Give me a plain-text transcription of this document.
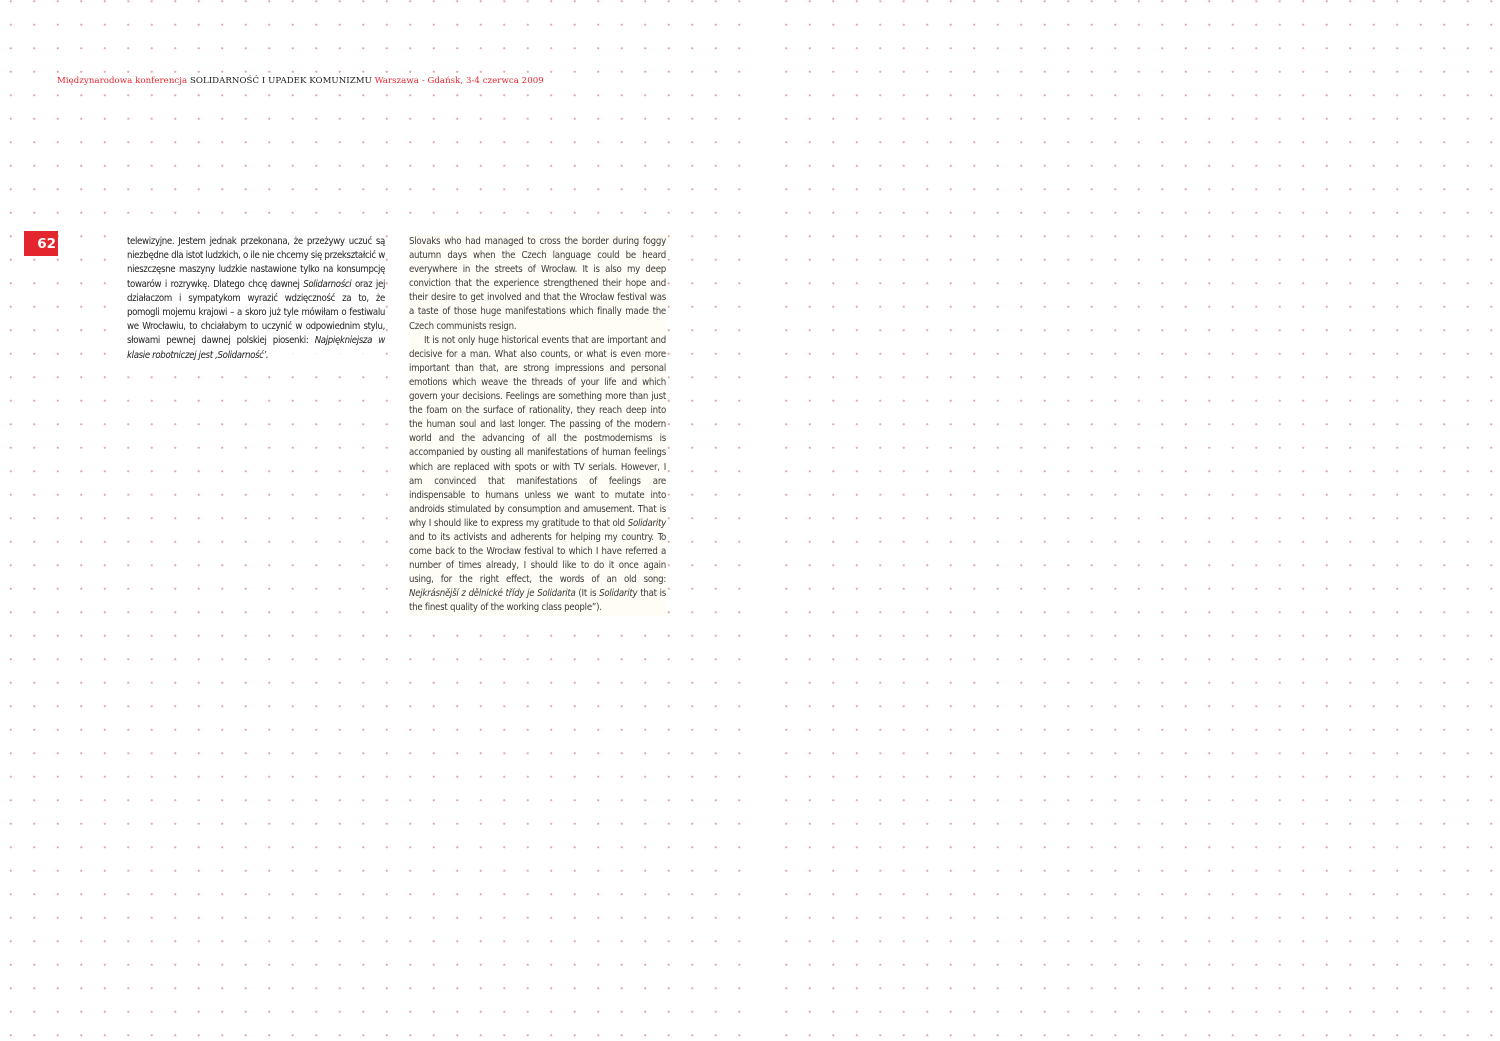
Międzynarodowa konferencja SOLIDARNOŚĆ I UPADEK KOMUNIZMU Warszawa - Gdańsk, 3-4 czerwca 2009
62	telewizyjne. Jestem jednak przekonana, że przeżywy uczuć są niezbędne dla istot ludzkich, o ile nie chcemy się przekształcić w nieszczęsne maszyny ludzkie nastawione tylko na konsumpcję towarów i rozrywkę. Dlatego chcę dawnej Solidarności oraz jej działaczom i sympatykom wyrazić wdzięczność za to, że pomogli mojemu krajowi – a skoro już tyle mówiłam o festiwalu we Wrocławiu, to chciałabym to uczynić w odpowiednim stylu, słowami pewnej dawnej polskiej piosenki: Najpiękniejsza w klasie robotniczej jest ‚Solidarność’.

Slovaks who had managed to cross the border during foggy autumn days when the Czech language could be heard everywhere in the streets of Wrocław. It is also my deep conviction that the experience strengthened their hope and their desire to get involved and that the Wrocław festival was a taste of those huge manifestations which finally made the Czech communists resign.

It is not only huge historical events that are important and decisive for a man. What also counts, or what is even more important than that, are strong impressions and personal emotions which weave the threads of your life and which govern your decisions. Feelings are something more than just the foam on the surface of rationality, they reach deep into the human soul and last longer. The passing of the modern world and the advancing of all the postmodernisms is accompanied by ousting all manifestations of human feelings which are replaced with spots or with TV serials. However, I am convinced that manifestations of feelings are indispensable to humans unless we want to mutate into androids stimulated by consumption and amusement. That is why I should like to express my gratitude to that old Solidarity and to its activists and adherents for helping my country. To come back to the Wrocław festival to which I have referred a number of times already, I should like to do it once again using, for the right effect, the words of an old song: Nejkrásnější z dělnické třídy je Solidarita (It is Solidarity that is the finest quality of the working class people”).
